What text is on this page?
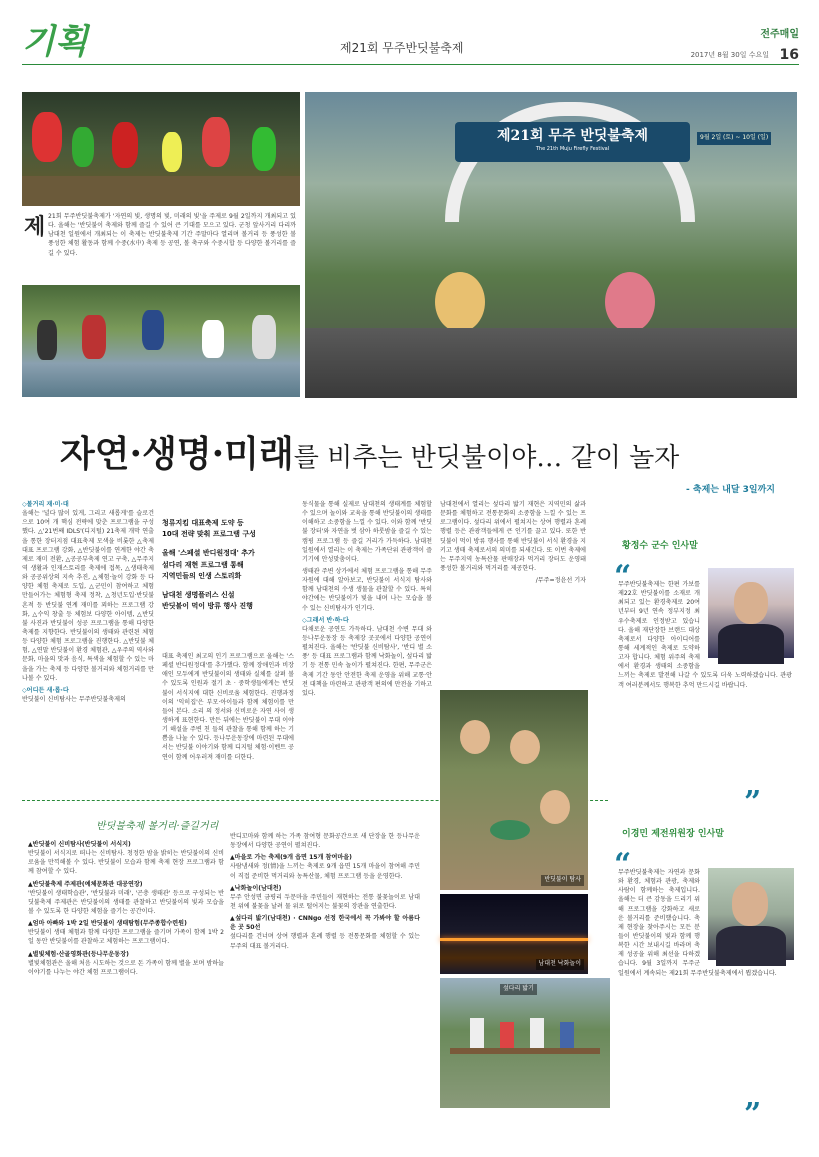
기획	제21회 무주반딧불축제
전주매일
2017년 8월 30일 수요일 16
제 21회 무주반딧불축제가 '자연의 빛, 생명의 빛, 미래의 빛'을 주제로 9월 2일까지 개최되고 있다. 올해는 '반딧불이 축제와 함께 즐길 수 있어 큰 기대를 모으고 있다. 군청 앞사거리 다리까 남대천 일원에서 개최되는 이 축제는 반딧불축제 기간 주말마다 열리며 볼거리 등 풍성한 볼 풍성한 체험 활동과 함께 수중(水中) 축제 등 공연, 볼 축구와 수중시합 등 다양한 볼거리를 즐길 수 있다.
제21회 무주 반딧불축제
The 21th Muju Firefly Festival
9월 2일 (토) ~ 10일 (일)
자연·생명·미래를 비추는 반딧불이야… 같이 놀자
- 축제는 내달 3일까지
◇볼거리 재·미·대

올해는 '널다 많이 있게, 그리고 새롭게'를 슬로건으로 10여 개 핵심 전략에 맞춘 프로그램을 구성했다. △'21번째 IDLS'(디지털) 21축제 개막 연출을 통한 장터지점 대표축제 모색을 비롯한 △축제 대표 프로그램 강화, △반딧불이를 연계한 야간 축제로 재미 전환, △공공부축제 연고 구축, △무주지역 생활과 인재스토리를 축제에 접목, △생태축제와 공공위상의 지속 추진, △체험·놀이 강화 등 다양한 체험 축제로 도입, △군민이 참여하고 체험 만들어가는 체험형 축제 정착, △청년도입·반딧불흔적 등 반딧불 연계 재미를 꾀하는 프로그램 강화, △수익 창출 등 체험보 다양한 아이템, △반딧불 사진과 반딧불이 성공 프로그램을 통해 다양한 축제를 지향한다. 반딧불이의 생태와 관련된 체험 등 다양한 체험 프로그램을 진행한다. △반딧불 체험, △연말 반딧불이 환경 체험관, △우주의 역사와 문화, 마을의 맛과 음식, 특색을 체험할 수 있는 마을을 가는 축제 등 다양한 볼거리와 체험거리를 만나볼 수 있다.

◇어디든 새·롭·다

반딧불이 신비탐사는 무주반딧불축제의

청류지킴 대표축제 도약 등
10대 전략 맞춰 프로그램 구성
올해 '스페셜 반디원정대' 추가
설다리 재현 프로그램 통해
지역민들의 인생 스토리화
남대천 생명플러스 신설
반딧불이 먹이 방류 행사 진행
대표 축제인 최고의 인기 프로그램으로 올해는 '스페셜 반디원정대'를 추가했다. 함께 장애인과 비장애인 모두에게 반딧불이의 생태와 실체를 살펴 볼 수 있도록 인원과 절기 초 · 중학생들에게는 반딧불이 서식지에 대한 신비로움 체험한다. 진행과정이의 '익히집'은 부모·아이들과 함께 체험이를 만들어 본다. 소리 의 정서와 신비로운 자연 사이 생생하게 표현한다. 만든 뒤에는 반딧불이 무대 이야기 해설을 주변 친 들의 관찰을 통해 함께 하는 기쁨을 나눌 수 있다. 등나무운동장에 마련된 무대에서는 반딧불 이야기와 함께 디지털 체험·이벤트 공연이 함께 어우러져 재미를 더한다.

동식물을 통해 실제로 남대천의 생태계를 체험할 수 있으며 놀이와 교육을 통해 반딧불이의 생태를 이해하고 소중함을 느낄 수 있다. 이와 함께 '반딧불 장터'와 자연을 벗 삼아 하룻밤을 즐길 수 있는 캠핑 프로그램 등 즐길 거리가 가득하다. 남대천 일원에서 열리는 이 축제는 가족단위 관광객이 즐기기에 안성맞춤이다.

생태관 주변 상가에서 체험 프로그램을 통해 무주 자원에 대해 알아보고, 반딧불이 서식지 탐사와 함께 남대천의 수생 생물을 관찰할 수 있다. 특히 야간에는 반딧불이가 빛을 내며 나는 모습을 볼 수 있는 신비탐사가 인기다.

◇그래서 반·하·다

다채로운 공연도 가득하다. 남대천 수변 무대 와 등나무운동장 등 축제장 곳곳에서 다양한 공연이 펼쳐진다. 올해는 '반딧불 신비탐사', '반디 별 소풍' 등 대표 프로그램과 함께 낙화놀이, 섶다리 밟기 등 전통 민속 놀이가 펼쳐진다. 한편, 무주군은 축제 기간 동안 안전한 축제 운영을 위해 교통·안전 대책을 마련하고 관광객 편의에 만전을 기하고 있다.

남대천에서 열리는 섶다리 밟기 재현은 지역민의 삶과 문화를 체험하고 전통문화의 소중함을 느낄 수 있는 프로그램이다. 섶다리 위에서 펼쳐지는 상여 행렬과 혼례 행렬 등은 관광객들에게 큰 인기를 끌고 있다. 또한 반딧불이 먹이 방류 행사를 통해 반딧불이 서식 환경을 지키고 생태 축제로서의 의미를 되새긴다. 또 이번 축제에는 무주지역 농특산물 판매장과 먹거리 장터도 운영돼 풍성한 볼거리와 먹거리를 제공한다.

/무주=정윤선 기자
황정수 군수 인사말
“
무주반딧불축제는 한편 가보를 제22호 반딧불이를 소재로 개최되고 있는 환경축제로 20여 년부터 9년 연속 정부지정 최우수축제로 인정받고 있습니다. 올해 재단장한 브랜드 대상 축제로서 다양한 아이디어를 통해 세계적인 축제로 도약하고자 합니다. 체험 위주의 축제에서 환경과 생태의 소중함을 느끼는 축제로 발전해 나갈 수 있도록 더욱 노력하겠습니다. 관광객 여러분께서도 행복한 추억 만드시길 바랍니다.
”
이경민 제전위원장 인사말
“
무주반딧불축제는 자연과 문화와 환경, 체험과 관광, 축제와 사람이 함께하는 축제입니다. 올해는 더 큰 감동을 드리기 위해 프로그램을 강화하고 새로운 볼거리를 준비했습니다. 축제 현장을 찾아주시는 모든 분들이 반딧불이의 빛과 함께 행복한 시간 보내시길 바라며 축제 성공을 위해 최선을 다하겠습니다. 9월 3일까지 무주군 일원에서 계속되는 제21회 무주반딧불축제에서 뵙겠습니다.
”
반딧불축제 볼거리·즐길거리
▲반딧불이 신비탐사(반딧불이 서식지)

반딧불이 서식지로 떠나는 신비탐사. 청정한 밤을 밝히는 반딧불이의 신비로움을 만끽해볼 수 있다. 반딧불이 모습과 함께 축제 현장 프로그램과 함께 참여할 수 있다.

▲반딧불축제 주제관(예체문화관 대공연장)

'반딧불이 생태학습관', '반딧불과 미래', '곤충 생태관' 등으로 구성되는 반딧불축제 주제관은 반딧불이의 생태를 관찰하고 반딧불이의 빛과 모습을 볼 수 있도록 한 다양한 체험을 즐기는 공간이다.

▲엄마 아빠와 1박 2일 반딧불이 생태탐험(무주종합수련원)

반딧불이 생태 체험과 함께 다양한 프로그램을 즐기며 가족이 함께 1박 2일 동안 반딧불이를 관찰하고 체험하는 프로그램이다.

▲별빛체험·산골영화관(등나무운동장)

별빛체험관은 올해 처음 시도하는 것으로 돈 가족이 함께 별을 보며 밤하늘 이야기를 나누는 야간 체험 프로그램이다.

반디꼬마와 함께 하는 가족 참여형 문화공간으로 새 단장을 한 등나무운동장에서 다양한 공연이 펼쳐진다.

▲마을로 가는 축제(9개 읍면 15개 참여마을)

사람냄새와 정(情)을 느끼는 축제로 9개 읍면 15개 마을이 참여해 주민이 직접 준비한 먹거리와 농특산물, 체험 프로그램 등을 운영한다.

▲낙화놀이(남대천)

무주 안성면 금평리 두문마을 주민들이 재현하는 전통 불꽃놀이로 남대천 위에 불꽃을 날려 물 위로 떨어지는 불꽃의 장관을 연출한다.

▲섶다리 밟기(남대천) · CNNgo 선정 한국에서 꼭 가봐야 할 아름다운 곳 50선

섶다리를 건너며 상여 행렬과 혼례 행렬 등 전통문화를 체험할 수 있는 무주의 대표 볼거리다.

반딧불이 탐사
남대천 낙화놀이
섶다리 밟기
